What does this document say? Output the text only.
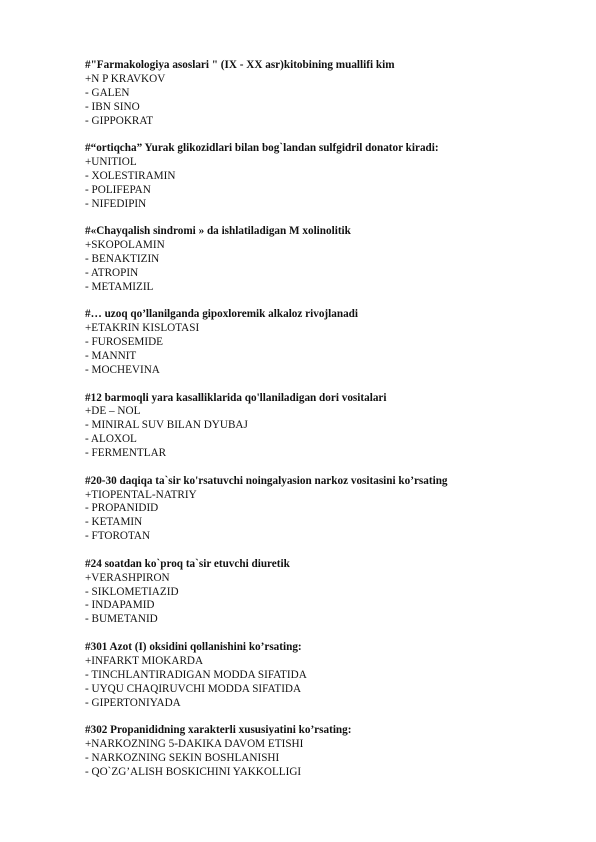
#"Farmakologiya asoslari " (IX - XX asr)kitobining muallifi kim
+N P KRAVKOV
- GALEN
- IBN SINO
- GIPPOKRAT
#“ortiqcha” Yurak glikozidlari bilan bog`landan sulfgidril donator kiradi:
+UNITIOL
- XOLESTIRAMIN
- POLIFEPAN
- NIFEDIPIN
#«Chayqalish sindromi » da ishlatiladigan M xolinolitik
+SKOPOLAMIN
- BENAKTIZIN
- ATROPIN
- METAMIZIL
#… uzoq qo’llanilganda gipoxloremik alkaloz rivojlanadi
+ETAKRIN KISLOTASI
- FUROSEMIDE
- MANNIT
- MOCHEVINA
#12 barmoqli yara kasalliklarida qo'llaniladigan dori vositalari
+DE – NOL
- MINIRAL SUV BILAN DYUBAJ
- ALOXOL
- FERMENTLAR
#20-30 daqiqa ta`sir ko'rsatuvchi noingalyasion narkoz vositasini ko’rsating
+TIOPENTAL-NATRIY
- PROPANIDID
- KETAMIN
- FTOROTAN
#24 soatdan ko`proq ta`sir etuvchi diuretik
+VERASHPIRON
- SIKLOMETIAZID
- INDAPAMID
- BUMETANID
#301 Azot (I) oksidini qollanishini ko’rsating:
+INFARKT MIOKARDA
- TINCHLANTIRADIGAN MODDA SIFATIDA
- UYQU CHAQIRUVCHI MODDA SIFATIDA
- GIPERTONIYADA
#302 Propanididning xarakterli xususiyatini ko’rsating:
+NARKOZNING 5-DAKIKA DAVOM ETISHI
- NARKOZNING SEKIN BOSHLANISHI
- QO`ZG’ALISH BOSKICHINI YAKKOLLIGI
